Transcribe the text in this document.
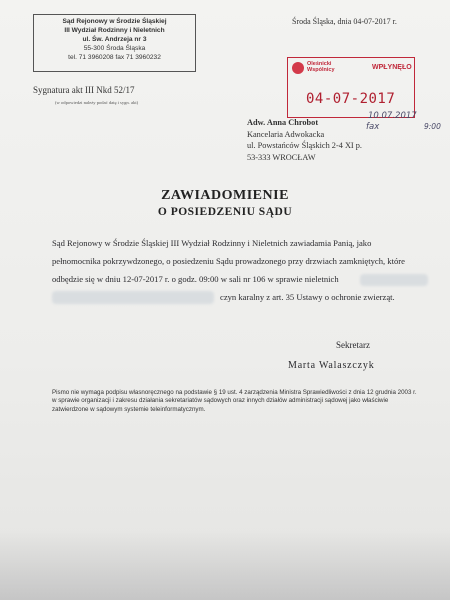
Sąd Rejonowy w Środzie Śląskiej
III Wydział Rodzinny i Nieletnich
ul. Św. Andrzeja nr 3
55-300 Środa Śląska
tel. 71 3960208 fax 71 3960232
Środa Śląska, dnia 04-07-2017 r.
Oleśnicki
Wspólnicy	WPŁYNĘŁO
04-07-2017
Sygnatura akt III Nkd 52/17
(w odpowiedzi należy podać datę i sygn. akt)
Adw. Anna Chrobot
Kancelaria Adwokacka
ul. Powstańców Śląskich 2-4 XI p.
53-333 WROCŁAW
10.07.2017
fax	9:00
ZAWIADOMIENIE
O POSIEDZENIU SĄDU
Sąd Rejonowy w Środzie Śląskiej III Wydział Rodzinny i Nieletnich zawiadamia Panią, jako
pełnomocnika pokrzywdzonego, o posiedzeniu Sądu prowadzonego przy drzwiach zamkniętych, które
odbędzie się w dniu 12-07-2017 r. o godz. 09:00 w sali nr 106 w sprawie nieletnich
czyn karalny z art. 35 Ustawy o ochronie zwierząt.
Sekretarz
Marta Walaszczyk
Pismo nie wymaga podpisu własnoręcznego na podstawie § 19 ust. 4 zarządzenia Ministra Sprawiedliwości z dnia 12 grudnia 2003 r. w sprawie organizacji i zakresu działania sekretariatów sądowych oraz innych działów administracji sądowej jako właściwie zatwierdzone w sądowym systemie teleinformatycznym.
